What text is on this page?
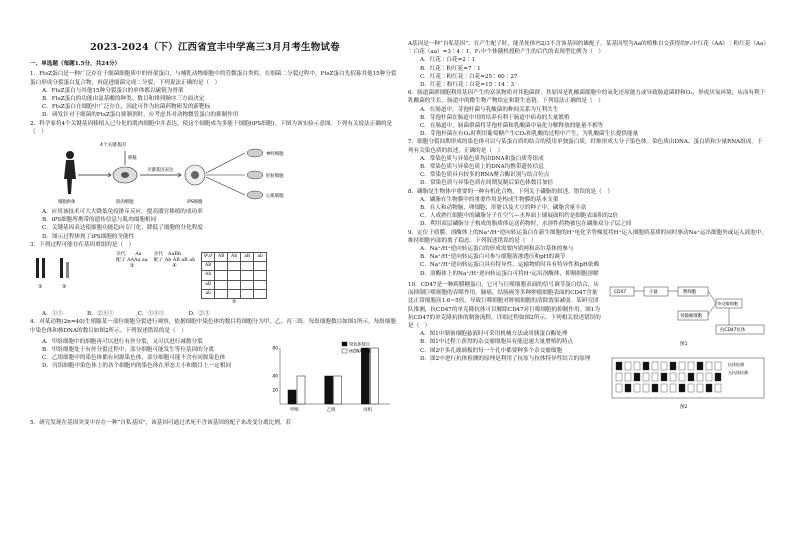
2023-2024（下）江西省宜丰中学高三3月月考生物试卷
一、单选题（每题1.5分，共24分）

1．FtsZ蛋白是一种广泛存在于细菌细胞质中的骨架蛋白，与哺乳动物细胞中的管微蛋白类似。在细菌二分裂过程中，FtsZ蛋白先招募其他15种分裂蛋白形成分裂蛋白复合物，再促进细菌完成二分裂。下列说法正确的是（　）

A．FtsZ蛋白与其他15种分裂蛋白的单体都以碳链为骨架

B．FtsZ蛋白的功能由氨基酸的种类、数目和排列顺序三方面决定

C．FtsZ蛋白在细胞中广泛存在，因此可作为抗菌药物研发的新靶标

D．研发针对于细菌的FtsZ蛋白抑制剂时，应考虑其对动物微管蛋白的抑制作用

2．科学家将4个关键基因移植入已分化的肌肉细胞中并表达，使这个细胞成为多能干细胞(iPS细胞)。下图为该实验示意图。下列有关说法正确的是（　）

4个关键基因
移植
关键基因表达
神经细胞
肝脏细胞
心肌细胞
细胞供体	肌肉细胞	iPS细胞

A．应用该技术可大大降低免疫排斥反应，提高器官移植的成功率

B．iPS细胞所携带的遗传信息与肌肉细胞相同

C．关键基因表达使细胞功能趋向专门化，降低了细胞的分化程度

D．图示过程体现了iPS细胞的全能性

3．下列过程可能存在基因重组的是（　）

①	②
亲代　　Aa
配子 AAAa aa
③
亲代　AaBb
配子 Ab AB aB ab
④
♀\♂	AB	Ab	aB	ab
AB				
Ab				
aB				
ab				
⑤

A．①⑤　　　　	B．②④⑤　　　　	C．①④⑤　　　　	D．②③

4．对某动物(2n=40)生殖腺某一部位细胞分裂进行观察，依据细胞中染色体的数目将细胞分为甲、乙、丙三组，每组细胞数目如图1所示，每组细胞中染色体和核DNA的数目如图2所示。下列叙述错误的是（　）

A．甲组细胞中的细胞再可以进行有丝分裂，又可以进行减数分裂

B．甲组细胞处于有丝分裂过程中，部分细胞可能发生等位基因的分离

C．乙组细胞中的染色体都有同源染色体，部分细胞可能不含有同源染色体

D．丙组细胞中染色体上的各个细胞内的染色体在形态大小和数目上一定相同

20
40
80
甲组	乙组	丙组
染色体数目
核DNA数目

5．研究发现在基因突变中存在一种“自私基因”，该基因可通过杀死不含该基因的配子来改变分离比例。若

A基因是一种“自私基因”，在产生配子时，能杀死体内2/3不含该基因的雄配子。某基因型为Aa的植株自交获得的F₁中红花（AA）∶粉红花（Aa）∶白花（aa）=3∶4∶1，F₁中个体随机授粉产生的后代的表现型比例为（　）

A．红花∶白花=2∶1

B．红花∶粉红花=7∶1

C．红花∶粉红花∶白花=25∶60∶27

D．红花∶粉红花∶白花=15∶14∶3

6．肠道菌群细胞利用基因产生的富氢物质对其他菌群，其原因是乳酸菌细胞中的氧化还原能力或导致肠道菌群和O₂，形成厌氧环境，从而有利于乳酸菌的生长。肠道中的微生物产物给定和谐生态链。下列说法正确的是（　）

A．在肠道中，芽孢杆菌与乳酸菌的种间关系为互利共生

B．芽孢杆菌在肠道中用的培养有利于肠道中病毒的大量繁殖

C．在肠道中，肠菌群菌将芽孢杆菌和乳酸菌中氧化分解释放的能量不相等

D．芽孢杆菌在有O₂时利用葡萄糖产生CO₂和乳酸的过程中产生，为乳酸菌生长提供能量

7．细胞分裂间期形成的染色体可以与某蛋白质的结合的使用单独蛋白质，纤维形成大分子染色体。染色质由DNA、蛋白质和少量RNA组成。下列有关染色质的叙述，正确的是（　）

A．常染色质与异染色质均由DNA和蛋白质等组成

B．常染色质与异染色质上的DNA均携带遗传信息

C．常染色质具有较多的RNA聚合酶识别与结合位点

D．常染色质与异染色质在间期复制后染色体数目加倍

8．磷脂是生物体中重要的一种有机化合物。下列关于磷脂的叙述，错误的是（　）

A．磷脂在生物膜中的重要作用是构成生物膜的基本支架

B．在人和动物脑、卵细胞、肝脏以及大豆的种子中，磷脂含量丰富

C．人成熟红细胞中的磷脂分子在空气—水界面上铺展面积约是细胞表面积的2倍

D．利用双层磷脂分子构成的脂质体运送药物时，水溶性药物被包在磷脂双分子层之间

9．定位于质膜、溶酶体上的Na⁺/H⁺逆向转运蛋白在新生细胞的H⁺电化学势梯度将H⁺运入细胞质基质的同时驱动Na⁺运出细胞外或运入液泡中，维持细胞内部的离子稳态。下列叙述错误的是（　）

A．Na⁺/H⁺逆向转运蛋白的形成需要内质网和高尔基体的参与

B．Na⁺/H⁺逆向转运蛋白可参与细胞液渗透压和pH的调节

C．Na⁺/H⁺逆向转运蛋白具有特异性，运输物质时具有特异性和pH依赖

D．溶酶体上的Na⁺/H⁺逆向转运蛋白可将H⁺运出溶酶体，抑制细胞溶解

10．CD47是一种跨膜糖蛋白，它可与巨噬细胞表面的信号调节蛋白结合，从而抑制巨噬细胞的吞噬作用。肺癌、结肠癌等多种肿瘤细胞表面的CD47含量比正常细胞高1.6~5倍，导致巨噬细胞对肿瘤细胞的清除效果减弱。某研究团队推测，抗CD47的单克隆抗体可以解除CD47对巨噬细胞的抑制作用。图1为抗CD47的单克隆抗体的制备流程，详细过程如图2所示。下列相关叙述错误的是（　）

A．图1中制备细胞悬液时可采用机械方法或用胰蛋白酶处理

B．图1中过程①获得的杂交瘤细胞具有能迅速大量增殖的特点

C．图2中多孔玻璃板的每一个孔中都要种多个杂交瘤细胞

D．图2中进行抗体检测的原理是利用了抗原与抗体特异性结合的原理

CD47	小鼠	脾细胞
骨髓瘤细胞
杂交瘤细胞
抗CD47抗体
图1

抗体检测
无抗体检测
图2
